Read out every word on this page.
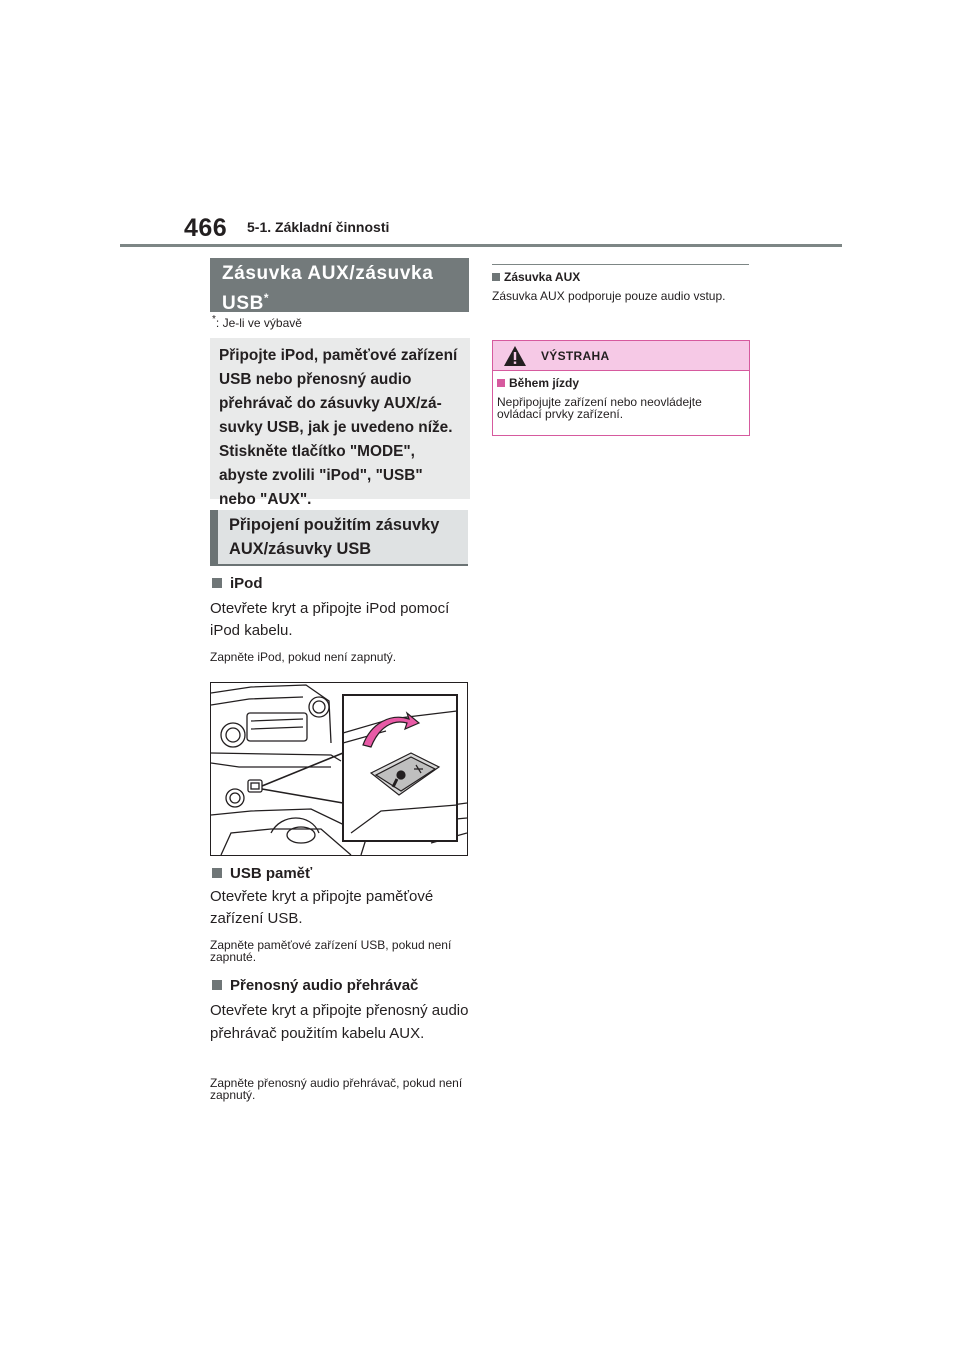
466 5-1. Základní činnosti
Zásuvka AUX/zásuvka
USB*
*: Je-li ve výbavě
Připojte iPod, paměťové zařízení USB nebo přenosný audio přehrávač do zásuvky AUX/zásuvky USB, jak je uvedeno níže. Stiskněte tlačítko "MODE", abyste zvolili "iPod", "USB" nebo "AUX".
Připojení použitím zásuvky AUX/zásuvky USB
iPod
Otevřete kryt a připojte iPod pomocí iPod kabelu.
Zapněte iPod, pokud není zapnutý.
USB paměť
Otevřete kryt a připojte paměťové zařízení USB.
Zapněte paměťové zařízení USB, pokud není zapnuté.
Přenosný audio přehrávač
Otevřete kryt a připojte přenosný audio přehrávač použitím kabelu AUX.
Zapněte přenosný audio přehrávač, pokud není zapnutý.
Zásuvka AUX
Zásuvka AUX podporuje pouze audio vstup.
VÝSTRAHA
Během jízdy
Nepřipojujte zařízení nebo neovládejte ovládací prvky zařízení.
